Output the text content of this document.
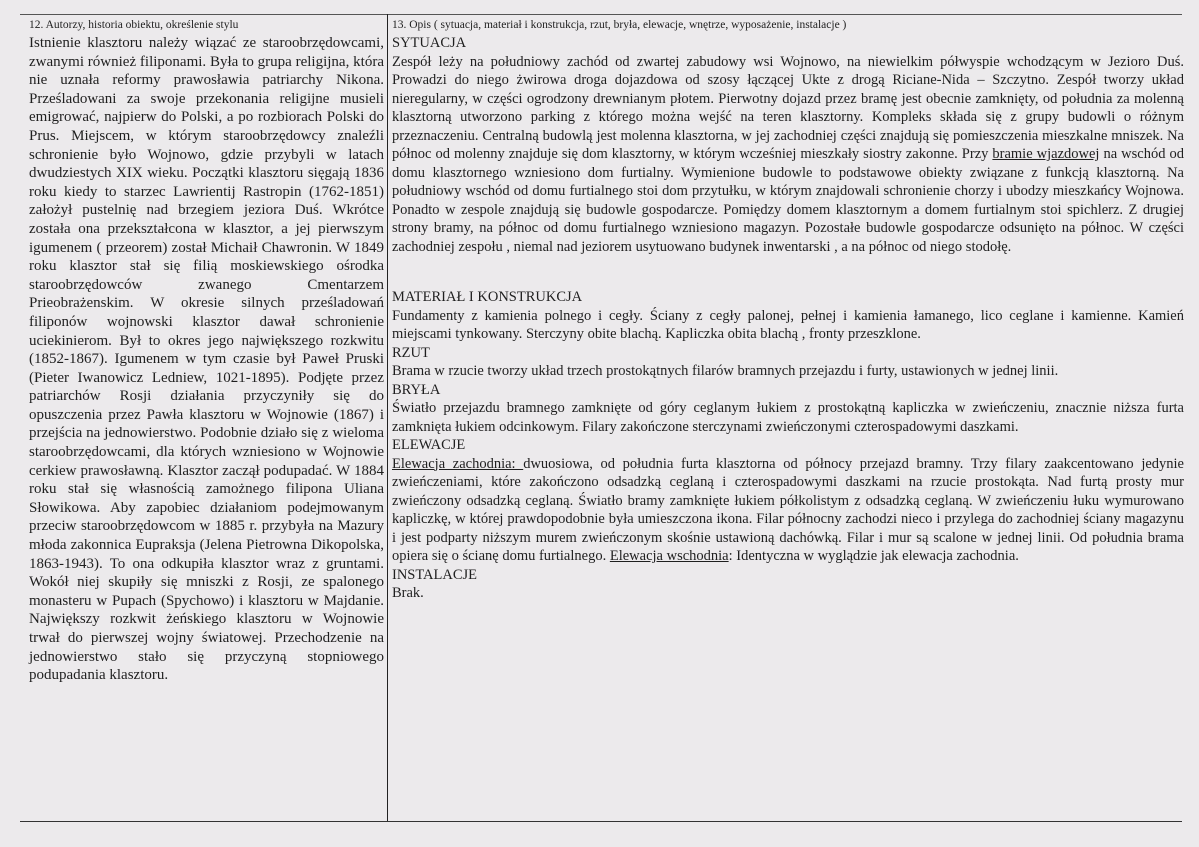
12. Autorzy, historia obiektu, określenie stylu

Istnienie klasztoru należy wiązać ze staroobrzędowcami, zwanymi również filiponami. Była to grupa religijna, która nie uznała reformy prawosławia patriarchy Nikona. Prześladowani za swoje przekonania religijne musieli emigrować, najpierw do Polski, a po rozbiorach Polski do Prus. Miejscem, w którym staroobrzędowcy znaleźli schronienie było Wojnowo, gdzie przybyli w latach dwudziestych XIX wieku. Początki klasztoru sięgają 1836 roku kiedy to starzec Lawrientij Rastropin (1762-1851) założył pustelnię nad brzegiem jeziora Duś. Wkrótce została ona przekształcona w klasztor, a jej pierwszym igumenem ( przeorem) został Michaił Chawronin. W 1849 roku klasztor stał się filią moskiewskiego ośrodka staroobrzędowców zwanego Cmentarzem Prieobrażenskim. W okresie silnych prześladowań filiponów wojnowski klasztor dawał schronienie uciekinierom. Był to okres jego największego rozkwitu (1852-1867). Igumenem w tym czasie był Paweł Pruski (Pieter Iwanowicz Ledniew, 1021-1895). Podjęte przez patriarchów Rosji działania przyczyniły się do opuszczenia przez Pawła klasztoru w Wojnowie (1867) i przejścia na jednowierstwo. Podobnie działo się z wieloma staroobrzędowcami, dla których wzniesiono w Wojnowie cerkiew prawosławną. Klasztor zaczął podupadać. W 1884 roku stał się własnością zamożnego filipona Uliana Słowikowa. Aby zapobiec działaniom podejmowanym przeciw staroobrzędowcom w 1885 r. przybyła na Mazury młoda zakonnica Eupraksja (Jelena Pietrowna Dikopolska, 1863-1943). To ona odkupiła klasztor wraz z gruntami. Wokół niej skupiły się mniszki z Rosji, ze spalonego monasteru w Pupach (Spychowo) i klasztoru w Majdanie. Największy rozkwit żeńskiego klasztoru w Wojnowie trwał do pierwszej wojny światowej. Przechodzenie na jednowierstwo stało się przyczyną stopniowego podupadania klasztoru.

13. Opis ( sytuacja, materiał i konstrukcja, rzut, bryła, elewacje, wnętrze, wyposażenie, instalacje )

SYTUACJA

Zespół leży na południowy zachód od zwartej zabudowy wsi Wojnowo, na niewielkim półwyspie wchodzącym w Jezioro Duś. Prowadzi do niego żwirowa droga dojazdowa od szosy łączącej Ukte z drogą Riciane-Nida – Szczytno. Zespół tworzy układ nieregularny, w części ogrodzony drewnianym płotem. Pierwotny dojazd przez bramę jest obecnie zamknięty, od południa za molenną klasztorną utworzono parking z którego można wejść na teren klasztorny. Kompleks składa się z grupy budowli o różnym przeznaczeniu. Centralną budowlą jest molenna klasztorna, w jej zachodniej części znajdują się pomieszczenia mieszkalne mniszek. Na północ od molenny znajduje się dom klasztorny, w którym wcześniej mieszkały siostry zakonne. Przy bramie wjazdowej na wschód od domu klasztornego wzniesiono dom furtialny. Wymienione budowle to podstawowe obiekty związane z funkcją klasztorną. Na południowy wschód od domu furtialnego stoi dom przytułku, w którym znajdowali schronienie chorzy i ubodzy mieszkańcy Wojnowa. Ponadto w zespole znajdują się budowle gospodarcze. Pomiędzy domem klasztornym a domem furtialnym stoi spichlerz. Z drugiej strony bramy, na północ od domu furtialnego wzniesiono magazyn. Pozostałe budowle gospodarcze odsunięto na północ. W części zachodniej zespołu , niemal nad jeziorem usytuowano budynek inwentarski , a na północ od niego stodołę.

MATERIAŁ I KONSTRUKCJA

Fundamenty z kamienia polnego i cegły. Ściany z cegły palonej, pełnej i kamienia łamanego, lico ceglane i kamienne. Kamień miejscami tynkowany. Sterczyny obite blachą. Kapliczka obita blachą , fronty przeszklone.

RZUT

Brama w rzucie tworzy układ trzech prostokątnych filarów bramnych przejazdu i furty, ustawionych w jednej linii.

BRYŁA

Światło przejazdu bramnego zamknięte od góry ceglanym łukiem z prostokątną kapliczka w zwieńczeniu, znacznie niższa furta zamknięta łukiem odcinkowym. Filary zakończone sterczynami zwieńczonymi czterospadowymi daszkami.

ELEWACJE

Elewacja zachodnia: dwuosiowa, od południa furta klasztorna od północy przejazd bramny. Trzy filary zaakcentowano jedynie zwieńczeniami, które zakończono odsadzką ceglaną i czterospadowymi daszkami na rzucie prostokąta. Nad furtą prosty mur zwieńczony odsadzką ceglaną. Światło bramy zamknięte łukiem półkolistym z odsadzką ceglaną. W zwieńczeniu łuku wymurowano kapliczkę, w której prawdopodobnie była umieszczona ikona. Filar północny zachodzi nieco i przylega do zachodniej ściany magazynu i jest podparty niższym murem zwieńczonym skośnie ustawioną dachówką. Filar i mur są scalone w jednej linii. Od południa brama opiera się o ścianę domu furtialnego. Elewacja wschodnia: Identyczna w wyglądzie jak elewacja zachodnia.

INSTALACJE

Brak.
